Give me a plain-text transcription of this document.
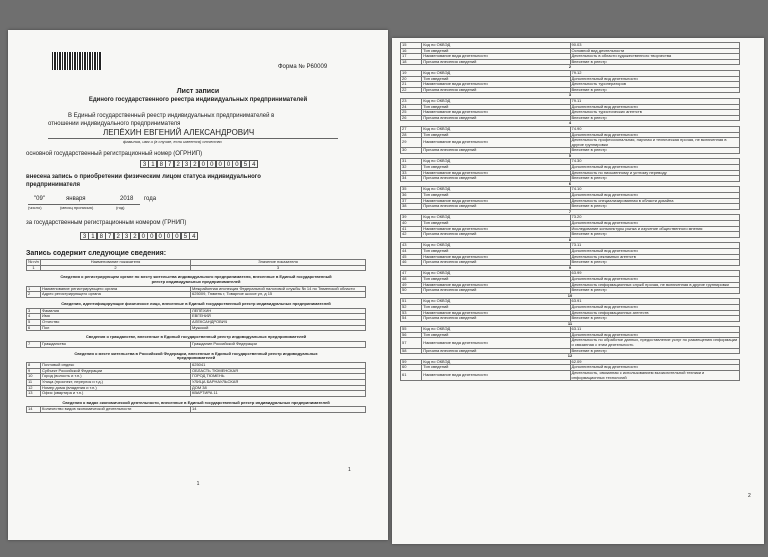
Форма № Р60009
Лист записи
Единого государственного реестра индивидуальных предпринимателей
В Единый государственный реестр индивидуальных предпринимателей в
отношении индивидуального предпринимателя
ЛЕПЁХИН ЕВГЕНИЙ АЛЕКСАНДРОВИЧ
фамилия, имя и (в случае, если имеется) отчество
основной государственный регистрационный номер (ОГРНИП)
3 1 8 7 2 3 2 0 0 0 0 0 5 4
внесена запись о приобретении физическим лицом статуса индивидуального
предпринимателя
"09"	января	2018 года
(число)	(месяц прописью)	(год)
за государственным регистрационным номером (ГРНИП)
3 1 8 7 2 3 2 0 0 0 0 0 5 4
Запись содержит следующие сведения:
№ п/п	Наименование показателя	Значение показателя
1	2	3
Сведения о регистрирующем органе по месту жительства индивидуального предпринимателя, внесенные в Единый государственный реестр индивидуальных предпринимателей		
1	Наименование регистрирующего органа	Межрайонная инспекция Федеральной налоговой службы № 14 по Тюменской области
2	Адрес регистрирующего органа	625009, Тюмень г, Товарное шоссе ул, д 15
Сведения, идентифицирующие физическое лицо, внесенные в Единый государственный реестр индивидуальных предпринимателей		
3	Фамилия	ЛЕПЁХИН
4	Имя	ЕВГЕНИЙ
5	Отчество	АЛЕКСАНДРОВИЧ
6	Пол	Мужской
Сведения о гражданстве, внесенные в Единый государственный реестр индивидуальных предпринимателей		
7	Гражданство	Гражданин Российской Федерации
Сведения о месте жительства в Российской Федерации, внесенные в Единый государственный реестр индивидуальных предпринимателей		
8	Почтовый индекс	625041
9	Субъект Российской Федерации	ОБЛАСТЬ ТЮМЕНСКАЯ
10	Город (волость и т.п.)	ГОРОД ТЮМЕНЬ
11	Улица (проспект, переулок и т.д.)	УЛИЦА БАРНАУЛЬСКАЯ
12	Номер дома (владения и т.п.)	ДОМ 38
13	Офис (квартира и т.п.)	КВАРТИРА 11
Сведения о видах экономической деятельности, внесенные в Единый государственный реестр индивидуальных предпринимателей		
14	Количество видов экономической деятельности	14
1
1
15	Код по ОКВЭД	90.03
16	Тип сведений	Основной вид деятельности
17	Наименование вида деятельности	Деятельность в области художественного творчества
18	Причина внесения сведений	Внесение в реестр
2		
19	Код по ОКВЭД	79.12
20	Тип сведений	Дополнительный вид деятельности
21	Наименование вида деятельности	Деятельность туроператоров
22	Причина внесения сведений	Внесение в реестр
3		
23	Код по ОКВЭД	79.11
24	Тип сведений	Дополнительный вид деятельности
25	Наименование вида деятельности	Деятельность туристических агентств
26	Причина внесения сведений	Внесение в реестр
4		
27	Код по ОКВЭД	74.90
28	Тип сведений	Дополнительный вид деятельности
29	Наименование вида деятельности	Деятельность профессиональная, научная и техническая прочая, не включенная в другие группировки
30	Причина внесения сведений	Внесение в реестр
5		
31	Код по ОКВЭД	74.30
32	Тип сведений	Дополнительный вид деятельности
33	Наименование вида деятельности	Деятельность по письменному и устному переводу
34	Причина внесения сведений	Внесение в реестр
6		
35	Код по ОКВЭД	74.10
36	Тип сведений	Дополнительный вид деятельности
37	Наименование вида деятельности	Деятельность специализированная в области дизайна
38	Причина внесения сведений	Внесение в реестр
7		
39	Код по ОКВЭД	73.20
40	Тип сведений	Дополнительный вид деятельности
41	Наименование вида деятельности	Исследование конъюнктуры рынка и изучение общественного мнения
42	Причина внесения сведений	Внесение в реестр
8		
43	Код по ОКВЭД	73.11
44	Тип сведений	Дополнительный вид деятельности
45	Наименование вида деятельности	Деятельность рекламных агентств
46	Причина внесения сведений	Внесение в реестр
9		
47	Код по ОКВЭД	63.99
48	Тип сведений	Дополнительный вид деятельности
49	Наименование вида деятельности	Деятельность информационных служб прочая, не включенная в другие группировки
50	Причина внесения сведений	Внесение в реестр
10		
51	Код по ОКВЭД	63.91
52	Тип сведений	Дополнительный вид деятельности
53	Наименование вида деятельности	Деятельность информационных агентств
54	Причина внесения сведений	Внесение в реестр
11		
55	Код по ОКВЭД	63.11
56	Тип сведений	Дополнительный вид деятельности
57	Наименование вида деятельности	Деятельность по обработке данных, предоставление услуг по размещению информации и связанная с этим деятельность
58	Причина внесения сведений	Внесение в реестр
12		
59	Код по ОКВЭД	62.09
60	Тип сведений	Дополнительный вид деятельности
61	Наименование вида деятельности	Деятельность, связанная с использованием вычислительной техники и информационных технологий
2
